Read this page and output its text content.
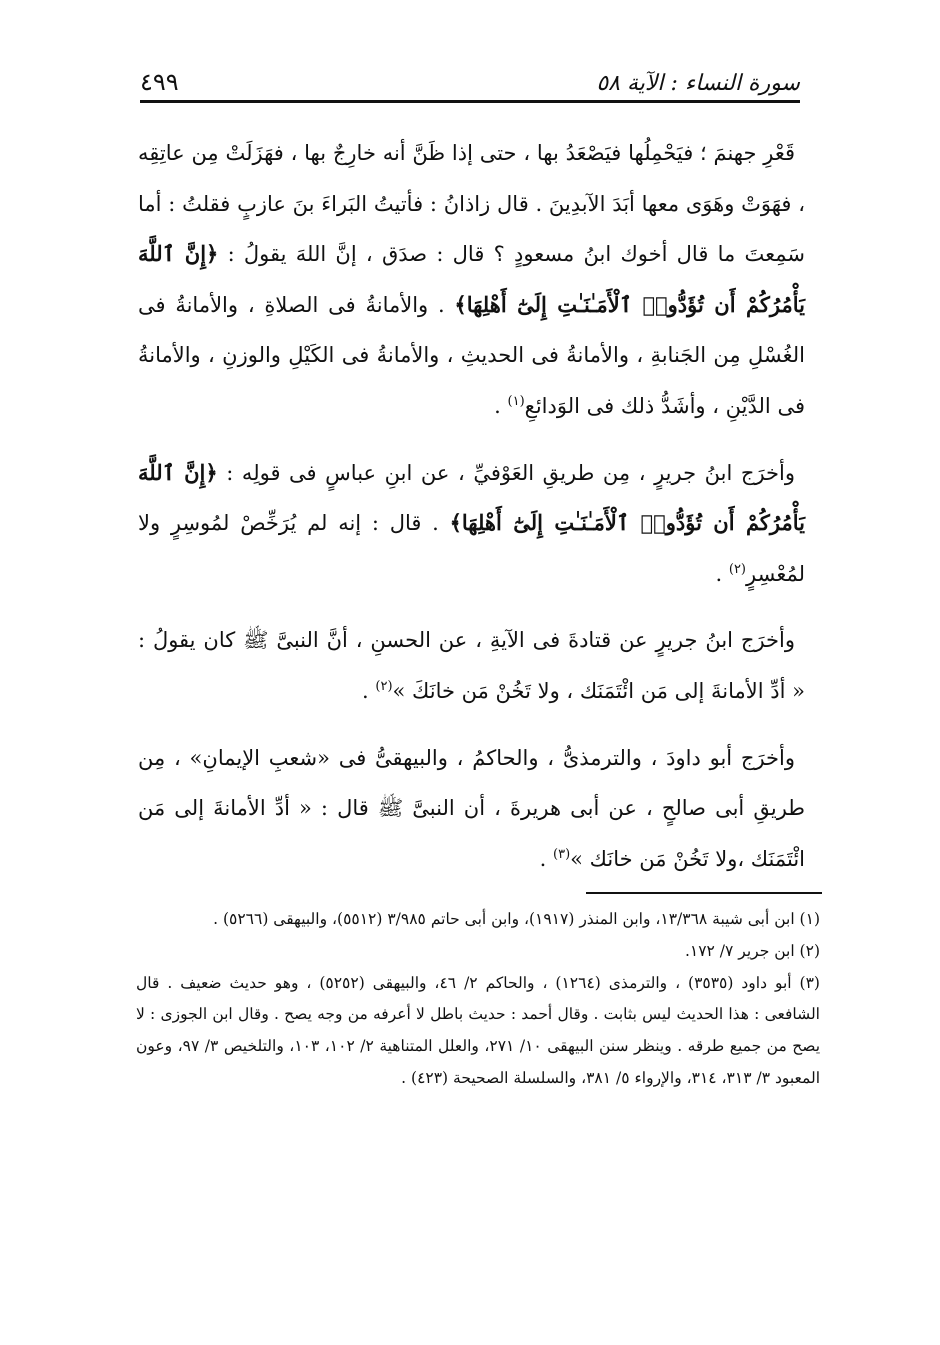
٤٩٩	سورة النساء : الآية ٥٨

قَعْرِ جهنمَ ؛ فيَحْمِلُها فيَصْعَدُ بها ، حتى إذا ظَنَّ أنه خارِجٌ بها ، فهَزَلَتْ مِن عاتِقِه ، فهَوَتْ وهَوَى معها أبَدَ الآبدِينَ . قال زاذانُ : فأتيتُ البَراءَ بنَ عازبٍ فقلتُ : أما سَمِعتَ ما قال أخوك ابنُ مسعودٍ ؟ قال : صدَق ، إنَّ اللهَ يقولُ : ﴿إِنَّ ٱللَّهَ يَأْمُرُكُمْ أَن تُؤَدُّوا۟ ٱلْأَمَـٰنَـٰتِ إِلَىٰٓ أَهْلِهَا﴾ . والأمانةُ فى الصلاةِ ، والأمانةُ فى الغُسْلِ مِن الجَنابةِ ، والأمانةُ فى الحديثِ ، والأمانةُ فى الكَيْلِ والوزنِ ، والأمانةُ فى الدَّيْنِ ، وأشَدُّ ذلك فى الوَدائعِ$^{(١)}$ .

وأخرَج ابنُ جريرٍ ، مِن طريقِ العَوْفيِّ ، عن ابنِ عباسٍ فى قولِه : ﴿إِنَّ ٱللَّهَ يَأْمُرُكُمْ أَن تُؤَدُّوا۟ ٱلْأَمَـٰنَـٰتِ إِلَىٰٓ أَهْلِهَا﴾ . قال : إنه لم يُرَخِّصْ لمُوسِرٍ ولا لمُعْسِرٍ$^{(٢)}$ .

وأخرَج ابنُ جريرٍ عن قتادةَ فى الآيةِ ، عن الحسنِ ، أنَّ النبىَّ ﷺ كان يقولُ : « أدِّ الأمانةَ إلى مَن ائْتَمَنَك ، ولا تَخُنْ مَن خانَكَ »$^{(٢)}$ .

وأخرَج أبو داودَ ، والترمذىُّ ، والحاكمُ ، والبيهقىُّ فى «شعبِ الإيمانِ» ، مِن طريقِ أبى صالحٍ ، عن أبى هريرةَ ، أن النبىَّ ﷺ قال : « أدِّ الأمانةَ إلى مَن ائْتَمَنَك ،ولا تَخُنْ مَن خانَك »$^{(٣)}$ .

(١) ابن أبى شيبة ١٣/٣٦٨، وابن المنذر (١٩١٧)، وابن أبى حاتم ٣/٩٨٥ (٥٥١٢)، والبيهقى (٥٢٦٦) .

(٢) ابن جرير ٧/ ١٧٢.

(٣) أبو داود (٣٥٣٥) ، والترمذى (١٢٦٤) ، والحاكم ٢/ ٤٦، والبيهقى (٥٢٥٢) ، وهو حديث ضعيف . قال الشافعى : هذا الحديث ليس بثابت . وقال أحمد : حديث باطل لا أعرفه من وجه يصح . وقال ابن الجوزى : لا يصح من جميع طرقه . وينظر سنن البيهقى ١٠/ ٢٧١، والعلل المتناهية ٢/ ١٠٢، ١٠٣، والتلخيص ٣/ ٩٧، وعون المعبود ٣/ ٣١٣، ٣١٤، والإرواء ٥/ ٣٨١، والسلسلة الصحيحة (٤٢٣) .
